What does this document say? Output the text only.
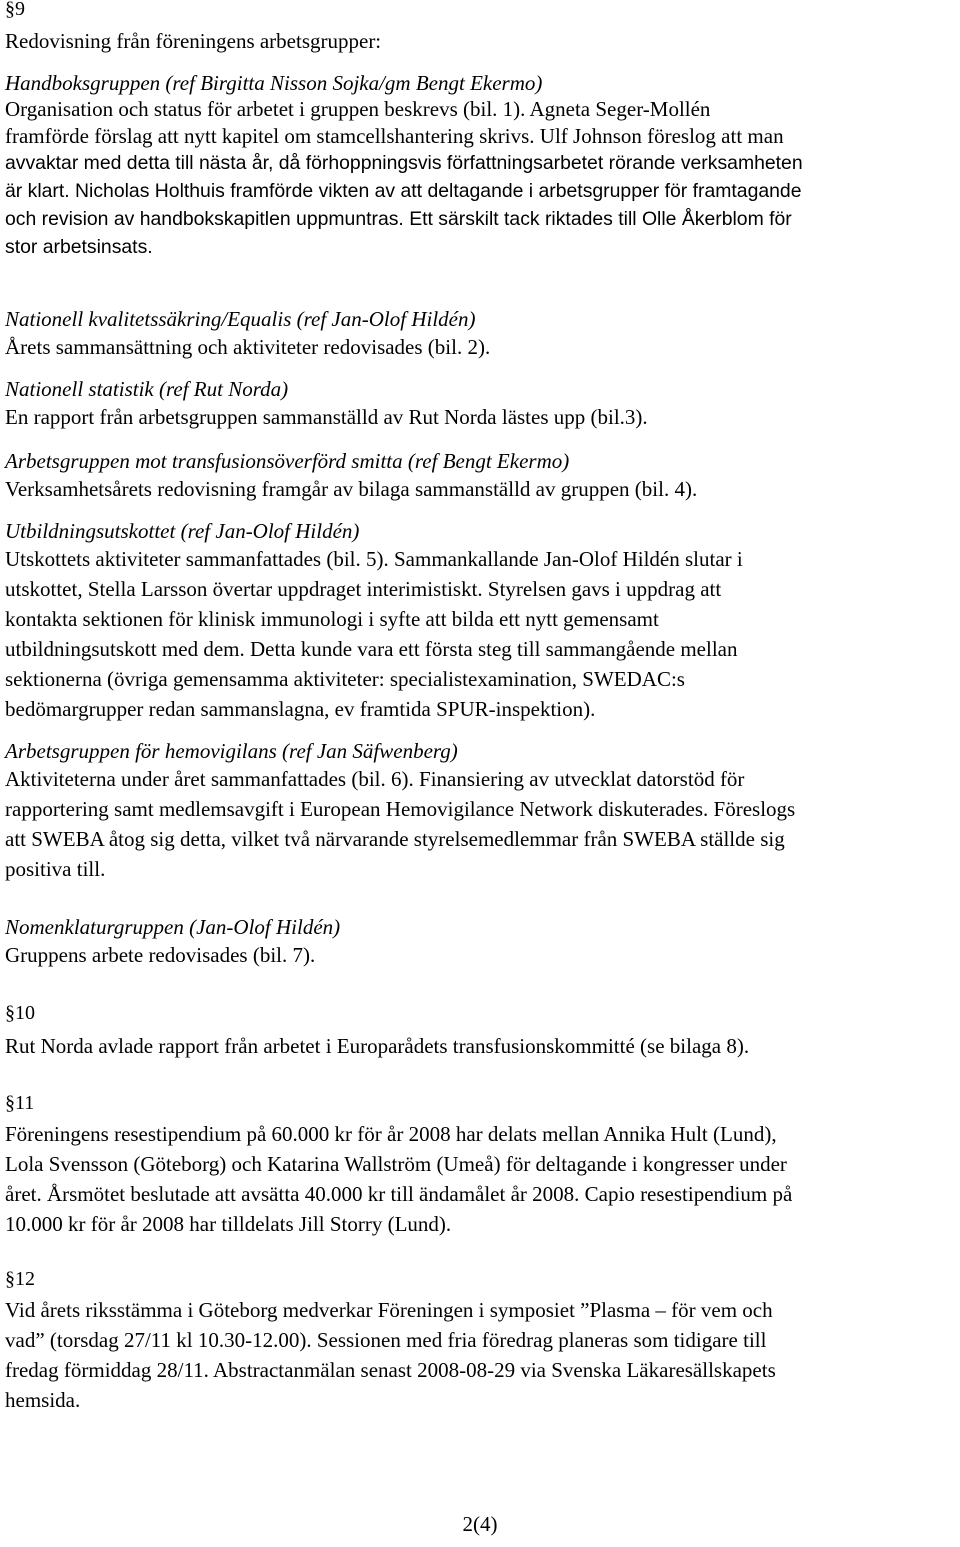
§9
Redovisning från föreningens arbetsgrupper:
Handboksgruppen (ref Birgitta Nisson Sojka/gm Bengt Ekermo)
Organisation och status för arbetet i gruppen beskrevs (bil. 1). Agneta Seger-Mollén
framförde förslag att nytt kapitel om stamcellshantering skrivs. Ulf Johnson föreslog att man
avvaktar med detta till nästa år, då förhoppningsvis författningsarbetet rörande verksamheten
är klart. Nicholas Holthuis framförde vikten av att deltagande i arbetsgrupper för framtagande
och revision av handbokskapitlen uppmuntras. Ett särskilt tack riktades till Olle Åkerblom för
stor arbetsinsats.
Nationell kvalitetssäkring/Equalis (ref Jan-Olof Hildén)
Årets sammansättning och aktiviteter redovisades (bil. 2).
Nationell statistik (ref Rut Norda)
En rapport från arbetsgruppen sammanställd av Rut Norda lästes upp (bil.3).
Arbetsgruppen mot transfusionsöverförd smitta (ref Bengt Ekermo)
Verksamhetsårets redovisning framgår av bilaga sammanställd av gruppen (bil. 4).
Utbildningsutskottet (ref Jan-Olof Hildén)
Utskottets aktiviteter sammanfattades (bil. 5). Sammankallande Jan-Olof Hildén slutar i
utskottet, Stella Larsson övertar uppdraget interimistiskt. Styrelsen gavs i uppdrag att
kontakta sektionen för klinisk immunologi i syfte att bilda ett nytt gemensamt
utbildningsutskott med dem. Detta kunde vara ett första steg till sammangående mellan
sektionerna (övriga gemensamma aktiviteter: specialistexamination, SWEDAC:s
bedömargrupper redan sammanslagna, ev framtida SPUR-inspektion).
Arbetsgruppen för hemovigilans (ref Jan Säfwenberg)
Aktiviteterna under året sammanfattades (bil. 6). Finansiering av utvecklat datorstöd för
rapportering samt medlemsavgift i European Hemovigilance Network diskuterades. Föreslogs
att SWEBA åtog sig detta, vilket två närvarande styrelsemedlemmar från SWEBA ställde sig
positiva till.
Nomenklaturgruppen (Jan-Olof Hildén)
Gruppens arbete redovisades (bil. 7).
§10
Rut Norda avlade rapport från arbetet i Europarådets transfusionskommitté (se bilaga 8).
§11
Föreningens resestipendium på 60.000 kr för år 2008 har delats mellan Annika Hult (Lund),
Lola Svensson (Göteborg) och Katarina Wallström (Umeå) för deltagande i kongresser under
året. Årsmötet beslutade att avsätta 40.000 kr till ändamålet år 2008. Capio resestipendium på
10.000 kr för år 2008 har tilldelats Jill Storry (Lund).
§12
Vid årets riksstämma i Göteborg medverkar Föreningen i symposiet ”Plasma – för vem och
vad” (torsdag 27/11 kl 10.30-12.00). Sessionen med fria föredrag planeras som tidigare till
fredag förmiddag 28/11. Abstractanmälan senast 2008-08-29 via Svenska Läkaresällskapets
hemsida.
2(4)
